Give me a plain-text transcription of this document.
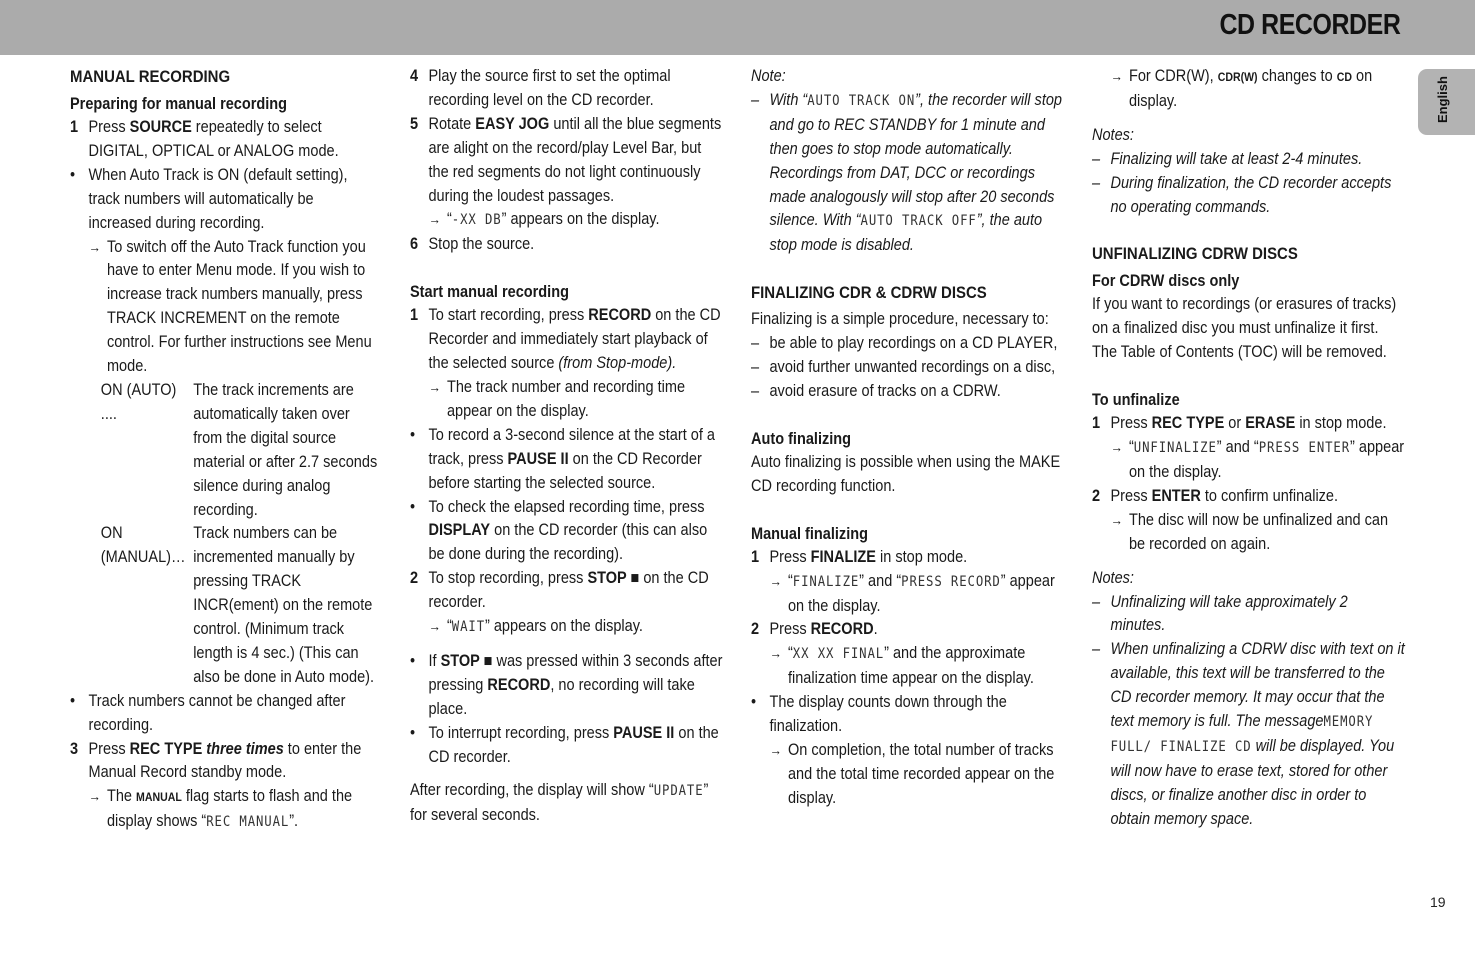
CD RECORDER
English
MANUAL RECORDING
Preparing for manual recording
1 Press SOURCE repeatedly to select DIGITAL, OPTICAL or ANALOG mode.
• When Auto Track is ON (default setting), track numbers will automatically be increased during recording.
→ To switch off the Auto Track function you have to enter Menu mode. If you wish to increase track numbers manually, press TRACK INCREMENT on the remote control. For further instructions see Menu mode.
ON (AUTO) ....
The track increments are automatically taken over from the digital source material or after 2.7 seconds silence during analog recording.
ON (MANUAL)…
Track numbers can be incremented manually by pressing TRACK INCR(ement) on the remote control. (Minimum track length is 4 sec.) (This can also be done in Auto mode).
• Track numbers cannot be changed after recording.
3 Press REC TYPE three times to enter the Manual Record standby mode.
→ The MANUAL flag starts to flash and the display shows “REC MANUAL”.
4 Play the source first to set the optimal recording level on the CD recorder.
5 Rotate EASY JOG until all the blue segments are alight on the record/play Level Bar, but the red segments do not light continuously during the loudest passages.
→ “-XX DB” appears on the display.
6 Stop the source.
Start manual recording
1 To start recording, press RECORD on the CD Recorder and immediately start playback of the selected source (from Stop-mode).
→ The track number and recording time appear on the display.
• To record a 3-second silence at the start of a track, press PAUSE II on the CD Recorder before starting the selected source.
• To check the elapsed recording time, press DISPLAY on the CD recorder (this can also be done during the recording).
2 To stop recording, press STOP ■ on the CD recorder.
→ “WAIT” appears on the display.
• If STOP ■ was pressed within 3 seconds after pressing RECORD, no recording will take place.
• To interrupt recording, press PAUSE II on the CD recorder.

After recording, the display will show “UPDATE” for several seconds.

Note:

– With “AUTO TRACK ON”, the recorder will stop and go to REC STANDBY for 1 minute and then goes to stop mode automatically. Recordings from DAT, DCC or recordings made analogously will stop after 20 seconds silence. With “AUTO TRACK OFF”, the auto stop mode is disabled.
FINALIZING CDR & CDRW DISCS

Finalizing is a simple procedure, necessary to:

– be able to play recordings on a CD PLAYER,
– avoid further unwanted recordings on a disc,
– avoid erasure of tracks on a CDRW.
Auto finalizing

Auto finalizing is possible when using the MAKE CD recording function.

Manual finalizing
1 Press FINALIZE in stop mode.
→ “FINALIZE” and “PRESS RECORD” appear on the display.
2 Press RECORD.
→ “XX XX FINAL” and the approximate finalization time appear on the display.
• The display counts down through the finalization.
→ On completion, the total number of tracks and the total time recorded appear on the display.
→ For CDR(W), CDR(W) changes to CD on display.

Notes:

– Finalizing will take at least 2-4 minutes.
– During finalization, the CD recorder accepts no operating commands.
UNFINALIZING CDRW DISCS
For CDRW discs only

If you want to recordings (or erasures of tracks) on a finalized disc you must unfinalize it first. The Table of Contents (TOC) will be removed.

To unfinalize
1 Press REC TYPE or ERASE in stop mode.
→ “UNFINALIZE” and “PRESS ENTER” appear on the display.
2 Press ENTER to confirm unfinalize.
→ The disc will now be unfinalized and can be recorded on again.

Notes:

– Unfinalizing will take approximately 2 minutes.
– When unfinalizing a CDRW disc with text on it available, this text will be transferred to the CD recorder memory. It may occur that the text memory is full. The messageMEMORY FULL/ FINALIZE CD will be displayed. You will now have to erase text, stored for other discs, or finalize another disc in order to obtain memory space.
19
